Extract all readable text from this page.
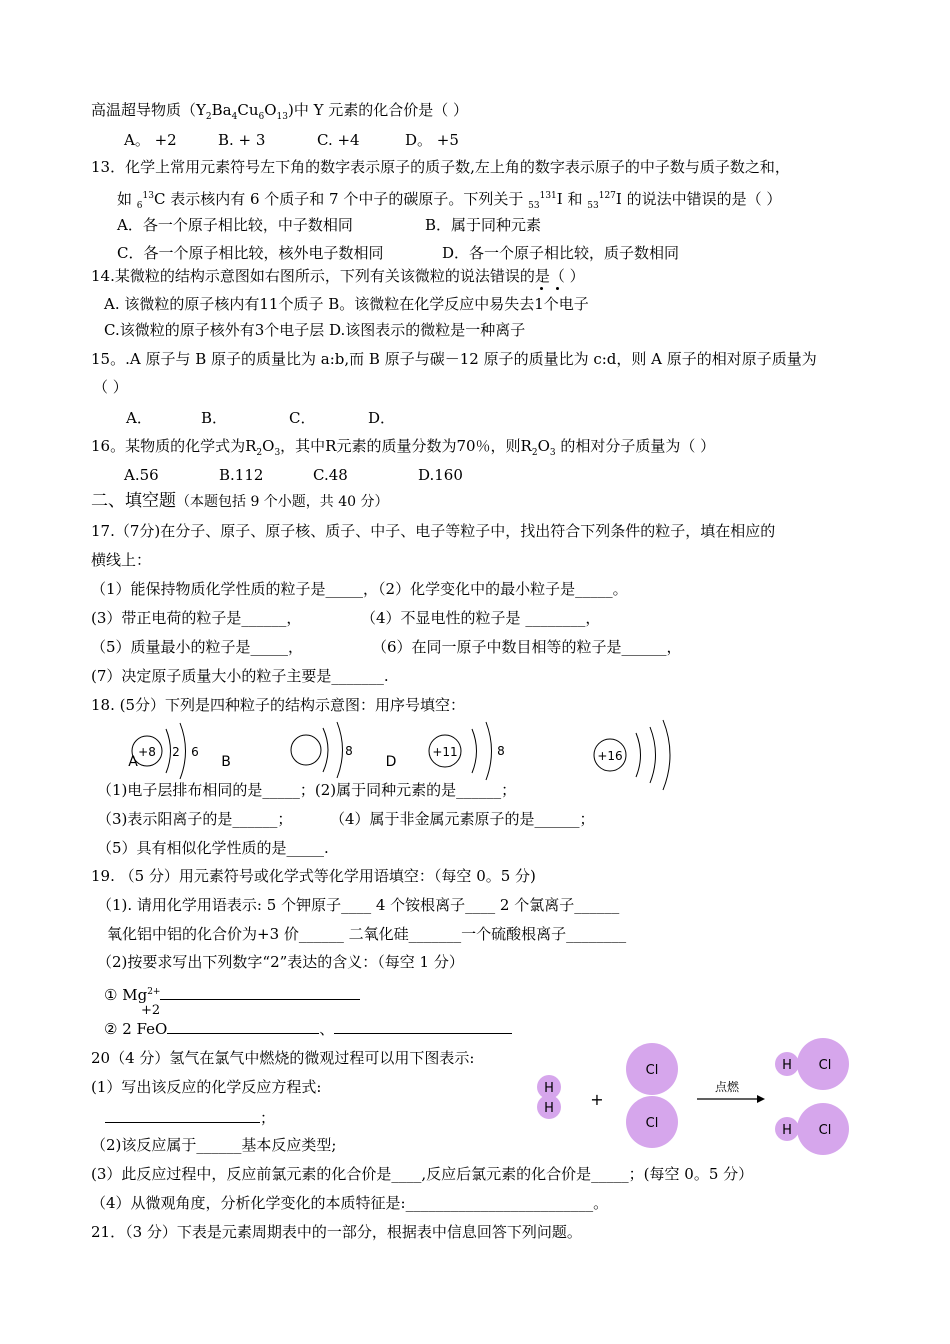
高温超导物质$(Y_2Ba_4Cu_6O_{13})$中 Y 元素的化合价是（ ）
A。 +2	B. + 3	C. +4	D。 +5
13．化学上常用元素符号左下角的数字表示原子的质子数,左上角的数字表示原子的中子数与质子数之和，
如 $_6^{13}$C 表示核内有 6 个质子和 7 个中子的碳原子。下列关于 $_{53}^{131}$I 和 $_{53}^{127}$I 的说法中错误的是（ ）
A．各一个原子相比较，中子数相同	B．属于同种元素
C．各一个原子相比较，核外电子数相同	D．各一个原子相比较，质子数相同
14.某微粒的结构示意图如右图所示，下列有关该微粒的说法错误的是（ ）
A. 该微粒的原子核内有11个质子 B。该微粒在化学反应中易失去1个电子
C.该微粒的原子核外有3个电子层 D.该图表示的微粒是一种离子
15。.A 原子与 B 原子的质量比为 a:b,而 B 原子与碳－12 原子的质量比为 c:d，则 A 原子的相对原子质量为
（ ）
A．	B．	C．	D．
16。某物质的化学式为$R_2O_3$，其中R元素的质量分数为70％，则$R_2O_3$ 的相对分子质量为（ ）
A.56	B.112	C.48	D.160
二、填空题（本题包括 9 个小题，共 40 分）
17.（7分)在分子、原子、原子核、质子、中子、电子等粒子中，找出符合下列条件的粒子，填在相应的
横线上：
（1）能保持物质化学性质的粒子是_____，（2）化学变化中的最小粒子是_____。
(3）带正电荷的粒子是______，	（4）不显电性的粒子是 ________，
（5）质量最小的粒子是_____，	（6）在同一原子中数目相等的粒子是______，
(7）决定原子质量大小的粒子主要是_______.
18. (5分）下列是四种粒子的结构示意图：用序号填空：
+8 2 6
A	B
8
D
+11	8	+16
H
H +
Cl
Cl
点燃
H Cl
H Cl
（1)电子层排布相同的是_____；(2)属于同种元素的是______；
（3)表示阳离子的是______；	（4）属于非金属元素原子的是______；
（5）具有相似化学性质的是_____.
19. （5 分）用元素符号或化学式等化学用语填空：（每空 0。5 分)
（1). 请用化学用语表示: 5 个钾原子____ 4 个铵根离子____ 2 个氯离子______
氧化铝中铝的化合价为+3 价______ 二氧化硅_______一个硫酸根离子________
（2)按要求写出下列数字“2”表达的含义：（每空 1 分）
① $Mg^{2+}$
+2
② 2 FeO	、
20（4 分）氢气在氯气中燃烧的微观过程可以用下图表示:
(1）写出该反应的化学反应方程式:
；
（2)该反应属于______基本反应类型;
(3）此反应过程中，反应前氯元素的化合价是____,反应后氯元素的化合价是_____；(每空 0。5 分）
（4）从微观角度，分析化学变化的本质特征是:_________________________。
21．（3 分）下表是元素周期表中的一部分，根据表中信息回答下列问题。
